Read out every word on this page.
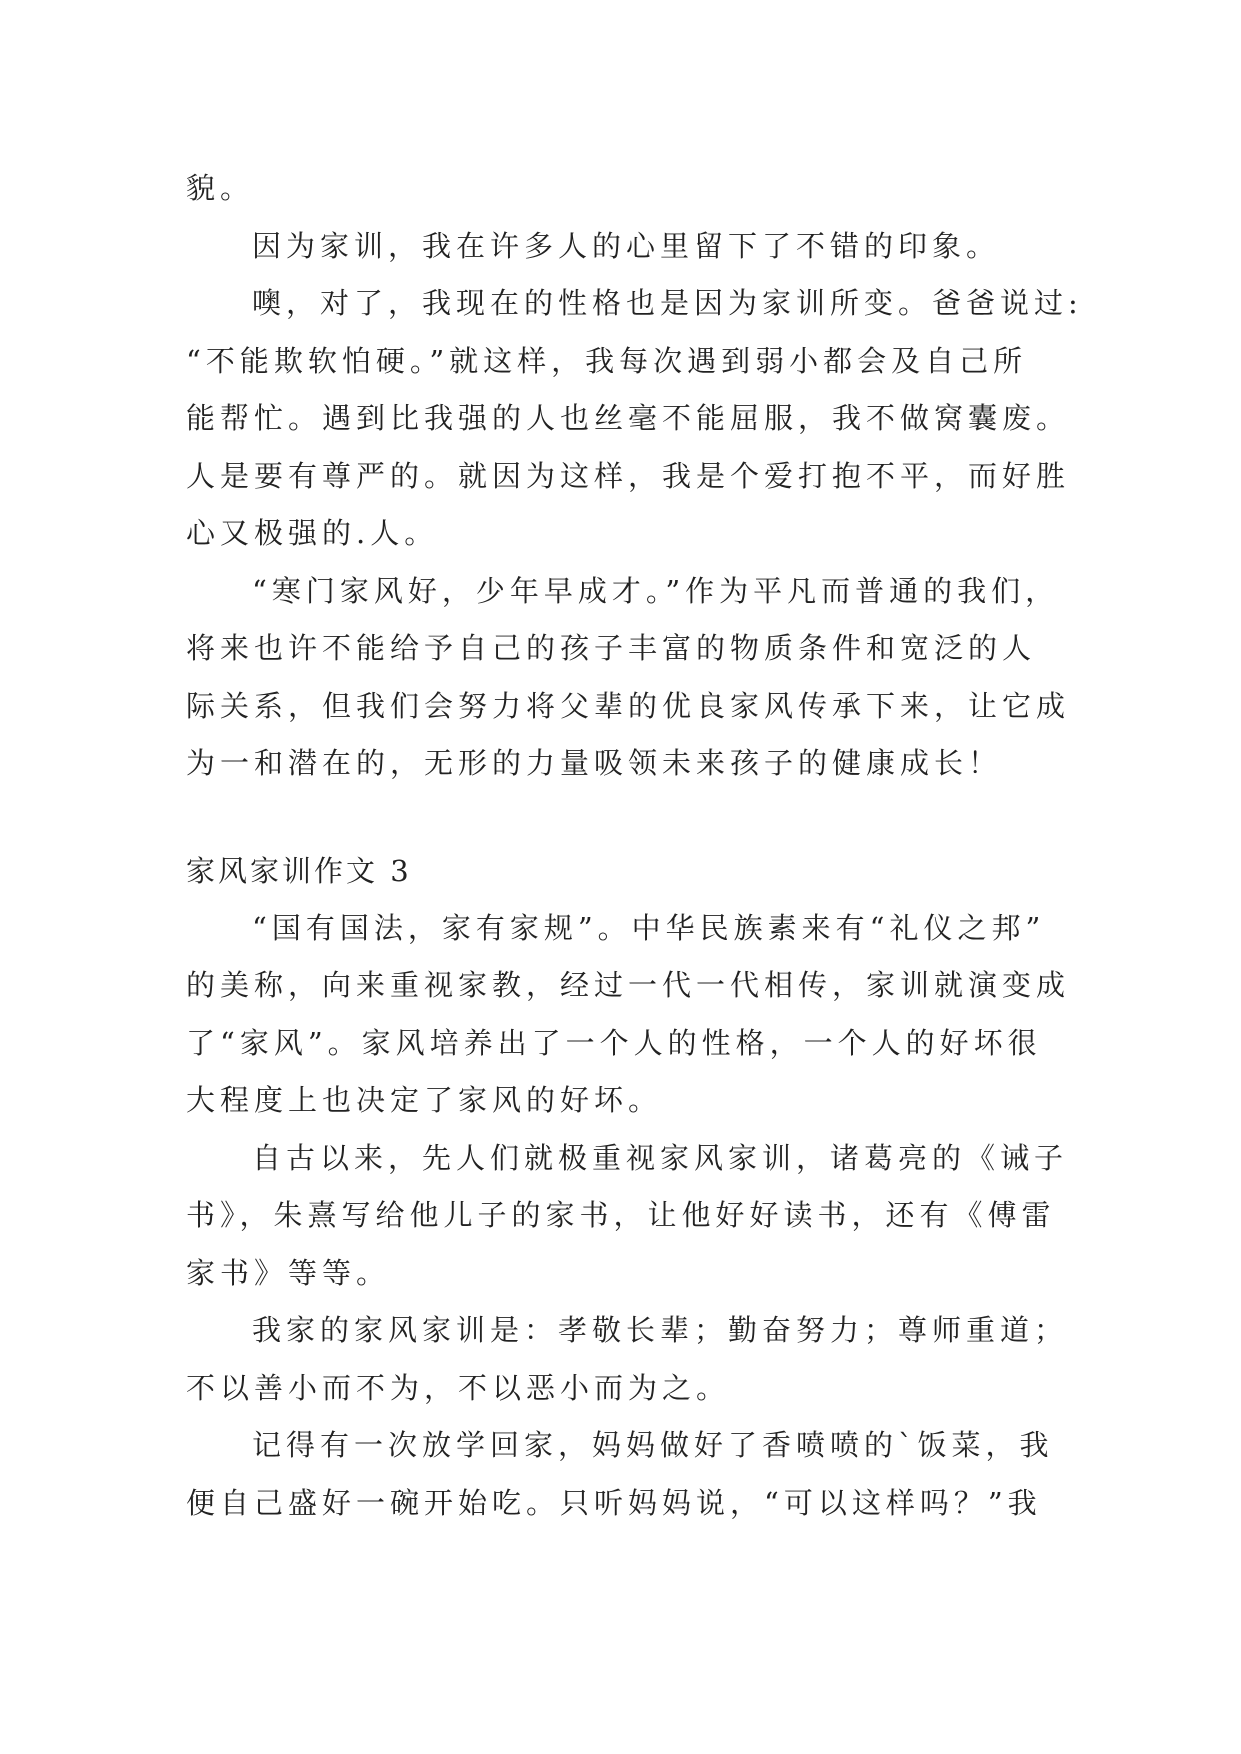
貌。
因为家训，我在许多人的心里留下了不错的印象。
噢，对了，我现在的性格也是因为家训所变。爸爸说过:
“不能欺软怕硬。”就这样，我每次遇到弱小都会及自己所
能帮忙。遇到比我强的人也丝毫不能屈服，我不做窝囊废。
人是要有尊严的。就因为这样，我是个爱打抱不平，而好胜
心又极强的.人。
“寒门家风好，少年早成才。”作为平凡而普通的我们，
将来也许不能给予自己的孩子丰富的物质条件和宽泛的人
际关系，但我们会努力将父辈的优良家风传承下来，让它成
为一和潜在的，无形的力量吸领未来孩子的健康成长！
家风家训作文 3
“国有国法，家有家规”。中华民族素来有“礼仪之邦”
的美称，向来重视家教，经过一代一代相传，家训就演变成
了“家风”。家风培养出了一个人的性格，一个人的好坏很
大程度上也决定了家风的好坏。
自古以来，先人们就极重视家风家训，诸葛亮的《诫子
书》，朱熹写给他儿子的家书，让他好好读书，还有《傅雷
家书》等等。
我家的家风家训是：孝敬长辈；勤奋努力；尊师重道；
不以善小而不为，不以恶小而为之。
记得有一次放学回家，妈妈做好了香喷喷的`饭菜，我
便自己盛好一碗开始吃。只听妈妈说，“可以这样吗？”我
